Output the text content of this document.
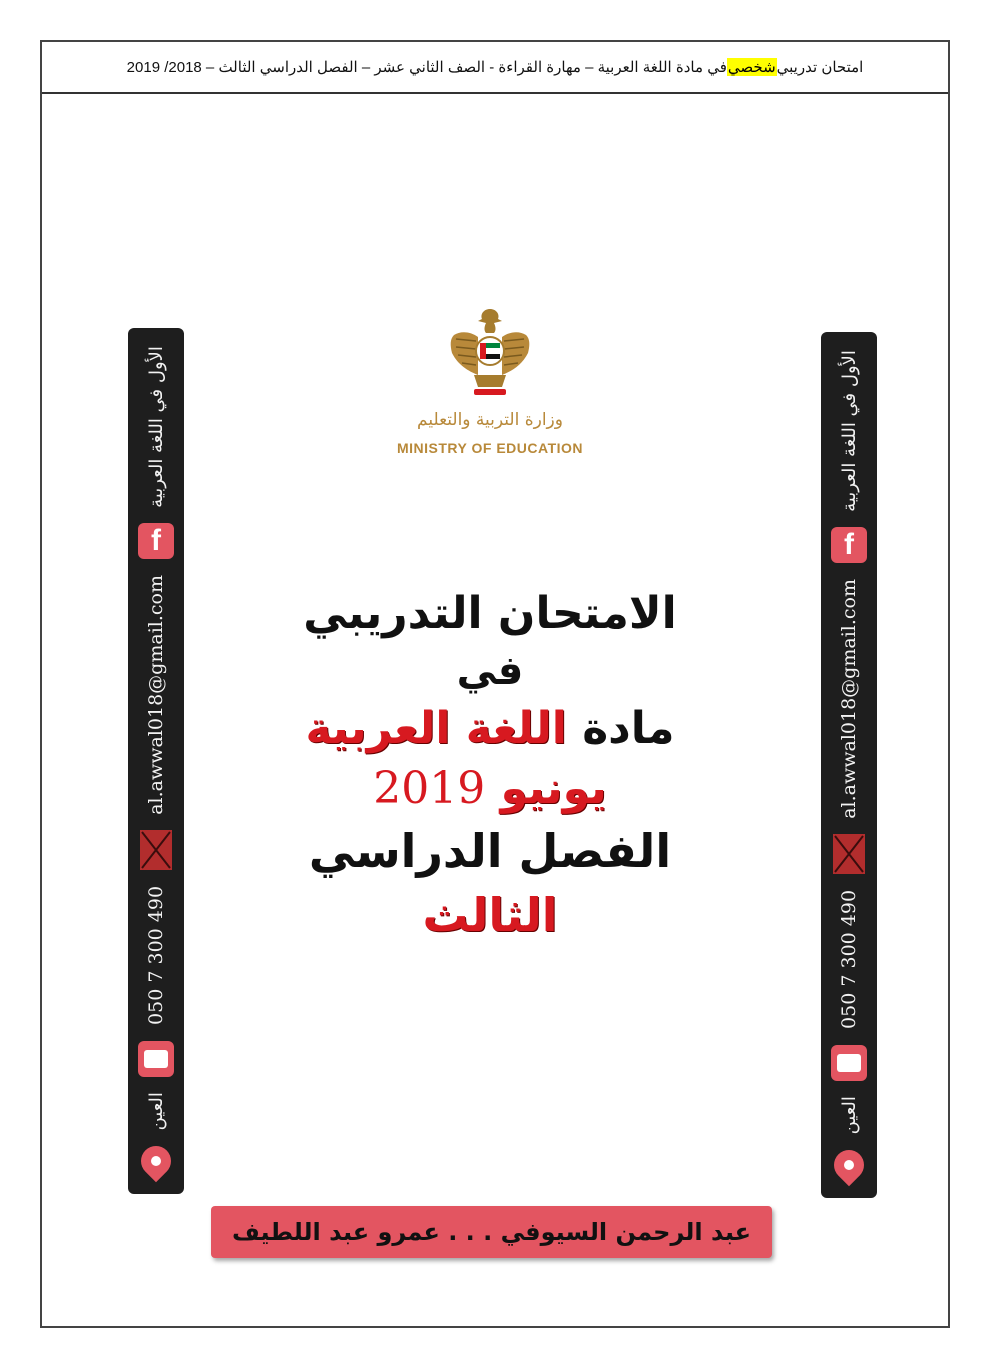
امتحان تدريبي
شخصي
في مادة اللغة العربية – مهارة القراءة - الصف الثاني عشر – الفصل الدراسي الثالث – 2018/ 2019
وزارة التربية والتعليم
MINISTRY OF EDUCATION
الامتحان التدريبي
في
مادة اللغة العربية
يونيو 2019
الفصل الدراسي الثالث
العين
050 7 300 490
al.awwal018@gmail.com
f
الأول في اللغة العربية
العين
050 7 300 490
al.awwal018@gmail.com
f
الأول في اللغة العربية
عبد الرحمن السيوفي . . . عمرو عبد اللطيف
